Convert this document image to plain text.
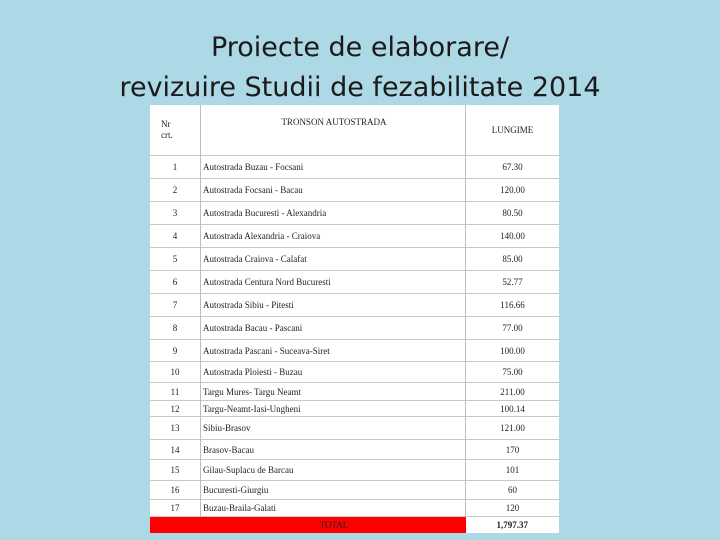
Proiecte de elaborare/
revizuire Studii de fezabilitate 2014
Nr
crt.	TRONSON AUTOSTRADA	LUNGIME
1	Autostrada Buzau - Focsani	67.30
2	Autostrada Focsani - Bacau	120.00
3	Autostrada Bucuresti - Alexandria	80.50
4	Autostrada Alexandria - Craiova	140.00
5	Autostrada Craiova - Calafat	85.00
6	Autostrada Centura Nord Bucuresti	52.77
7	Autostrada Sibiu - Pitesti	116.66
8	Autostrada Bacau - Pascani	77.00
9	Autostrada Pascani - Suceava-Siret	100.00
10	Autostrada Ploiesti - Buzau	75.00
11	Targu Mures- Targu Neamt	211.00
12	Targu-Neamt-Iasi-Ungheni	100.14
13	Sibiu-Brasov	121.00
14	Brasov-Bacau	170
15	Gilau-Suplacu de Barcau	101
16	Bucuresti-Giurgiu	60
17	Buzau-Braila-Galati	120
	TOTAL	1,797.37
